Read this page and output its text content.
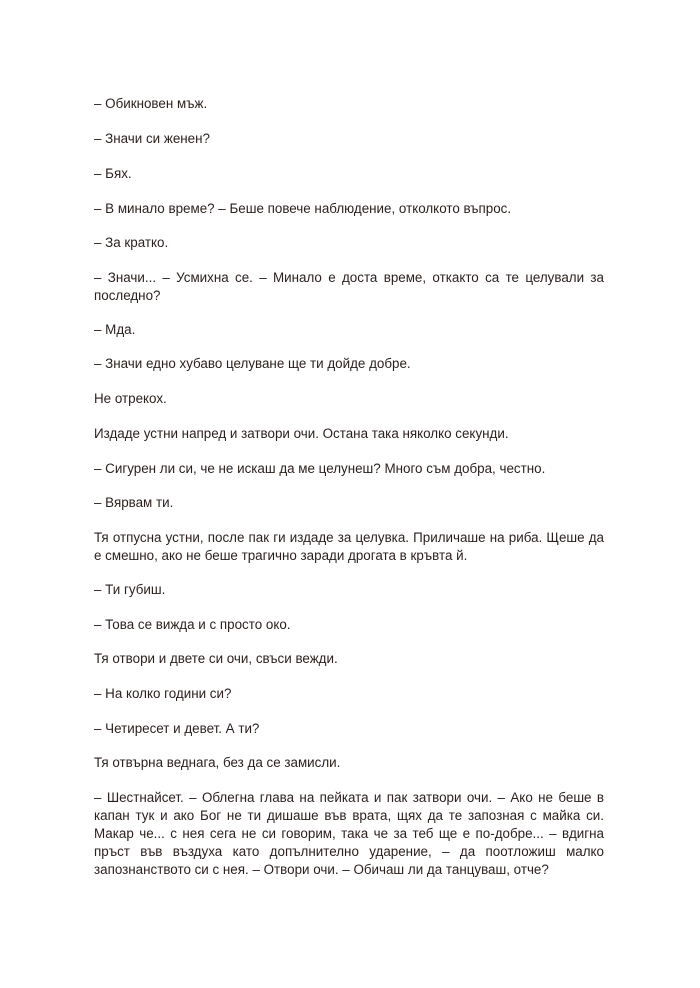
– Обикновен мъж.

– Значи си женен?

– Бях.

– В минало време? – Беше повече наблюдение, отколкото въпрос.

– За кратко.

– Значи... – Усмихна се. – Минало е доста време, откакто са те целували за последно?

– Мда.

– Значи едно хубаво целуване ще ти дойде добре.

Не отрекох.

Издаде устни напред и затвори очи. Остана така няколко секунди.

– Сигурен ли си, че не искаш да ме целунеш? Много съм добра, честно.

– Вярвам ти.

Тя отпусна устни, после пак ги издаде за целувка. Приличаше на риба. Щеше да е смешно, ако не беше трагично заради дрогата в кръвта й.

– Ти губиш.

– Това се вижда и с просто око.

Тя отвори и двете си очи, свъси вежди.

– На колко години си?

– Четиресет и девет. А ти?

Тя отвърна веднага, без да се замисли.

– Шестнайсет. – Облегна глава на пейката и пак затвори очи. – Ако не беше в капан тук и ако Бог не ти дишаше във врата, щях да те запозная с майка си. Макар че... с нея сега не си говорим, така че за теб ще е по-добре... – вдигна пръст във въздуха като допълнително ударение, – да поотложиш малко запознанството си с нея. – Отвори очи. – Обичаш ли да танцуваш, отче?
